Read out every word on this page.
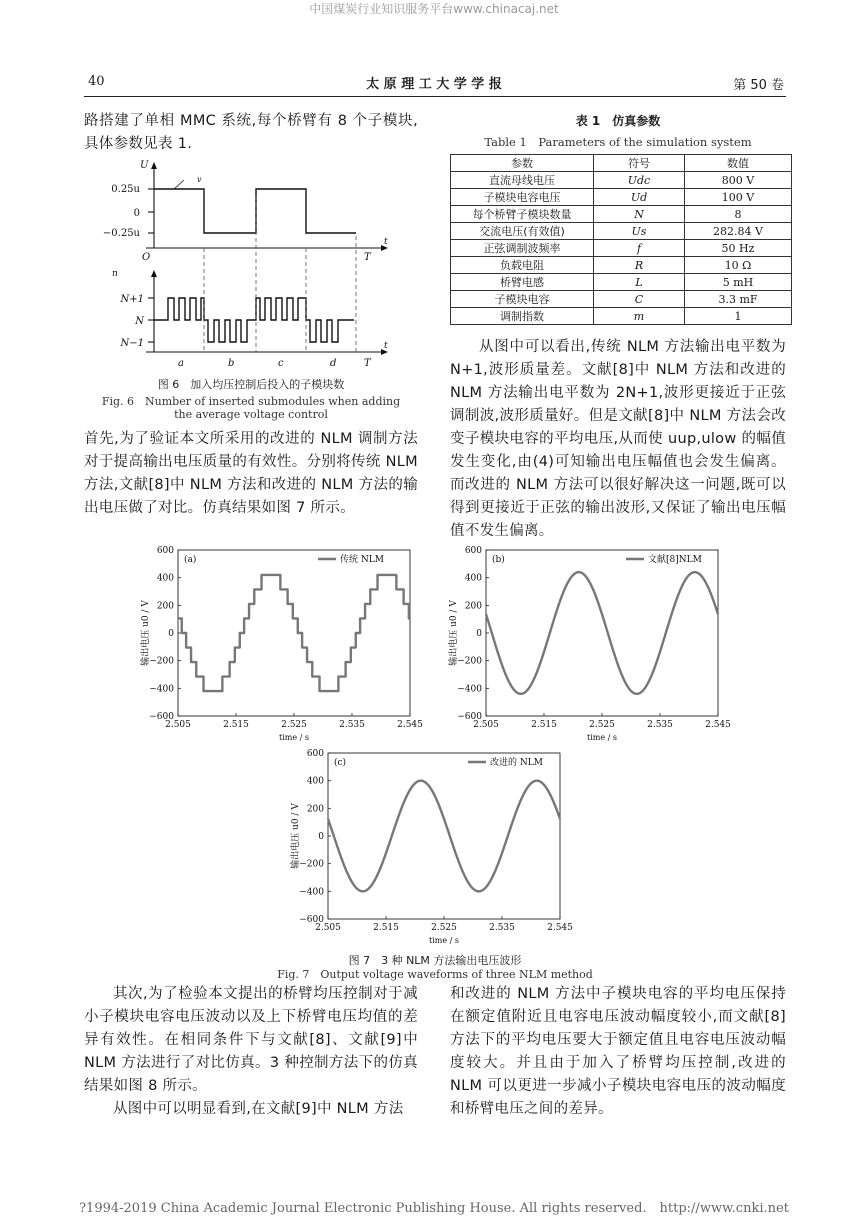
中国煤炭行业知识服务平台www.chinacaj.net
40	太 原 理 工 大 学 学 报	第 50 卷
路搭建了单相 MMC 系统,每个桥臂有 8 个子模块,具体参数见表 1.
U
v
0.25u
0
−0.25u
O
t
T
n
N+1
N
N−1	t
a	b	c	d	T
图 6　加入均压控制后投入的子模块数
Fig. 6　Number of inserted submodules when adding
the average voltage control
首先,为了验证本文所采用的改进的 NLM 调制方法对于提高输出电压质量的有效性。分别将传统 NLM 方法,文献[8]中 NLM 方法和改进的 NLM 方法的输出电压做了对比。仿真结果如图 7 所示。
表 1　仿真参数
Table 1　Parameters of the simulation system
参数	符号	数值
直流母线电压	Udc	800 V
子模块电容电压	Ud	100 V
每个桥臂子模块数量	N	8
交流电压(有效值)	Us	282.84 V
正弦调制波频率	f	50 Hz
负载电阻	R	10 Ω
桥臂电感	L	5 mH
子模块电容	C	3.3 mF
调制指数	m	1
从图中可以看出,传统 NLM 方法输出电平数为 N+1,波形质量差。文献[8]中 NLM 方法和改进的 NLM 方法输出电平数为 2N+1,波形更接近于正弦调制波,波形质量好。但是文献[8]中 NLM 方法会改变子模块电容的平均电压,从而使 uup,ulow 的幅值发生变化,由(4)可知输出电压幅值也会发生偏离。而改进的 NLM 方法可以很好解决这一问题,既可以得到更接近于正弦的输出波形,又保证了输出电压幅值不发生偏离。
600
400
200
0
−200
−400
−600
2.505	2.515	2.525	2.535	2.545
time / s
输出电压 u0 / V
(a)	传统 NLM
600
400
200
0
−200
−400
−600
2.505	2.515	2.525	2.535	2.545
time / s
输出电压 u0 / V
(b)	文献[8]NLM
600
400
200
0
−200
−400
−600
2.505	2.515	2.525	2.535	2.545
time / s
输出电压 u0 / V
(c)	改进的 NLM
图 7　3 种 NLM 方法输出电压波形
Fig. 7　Output voltage waveforms of three NLM method
其次,为了检验本文提出的桥臂均压控制对于减小子模块电容电压波动以及上下桥臂电压均值的差异有效性。在相同条件下与文献[8]、文献[9]中 NLM 方法进行了对比仿真。3 种控制方法下的仿真结果如图 8 所示。
从图中可以明显看到,在文献[9]中 NLM 方法
和改进的 NLM 方法中子模块电容的平均电压保持在额定值附近且电容电压波动幅度较小,而文献[8]方法下的平均电压要大于额定值且电容电压波动幅度较大。并且由于加入了桥臂均压控制,改进的 NLM 可以更进一步减小子模块电容电压的波动幅度和桥臂电压之间的差异。
?1994-2019 China Academic Journal Electronic Publishing House. All rights reserved.　http://www.cnki.net
